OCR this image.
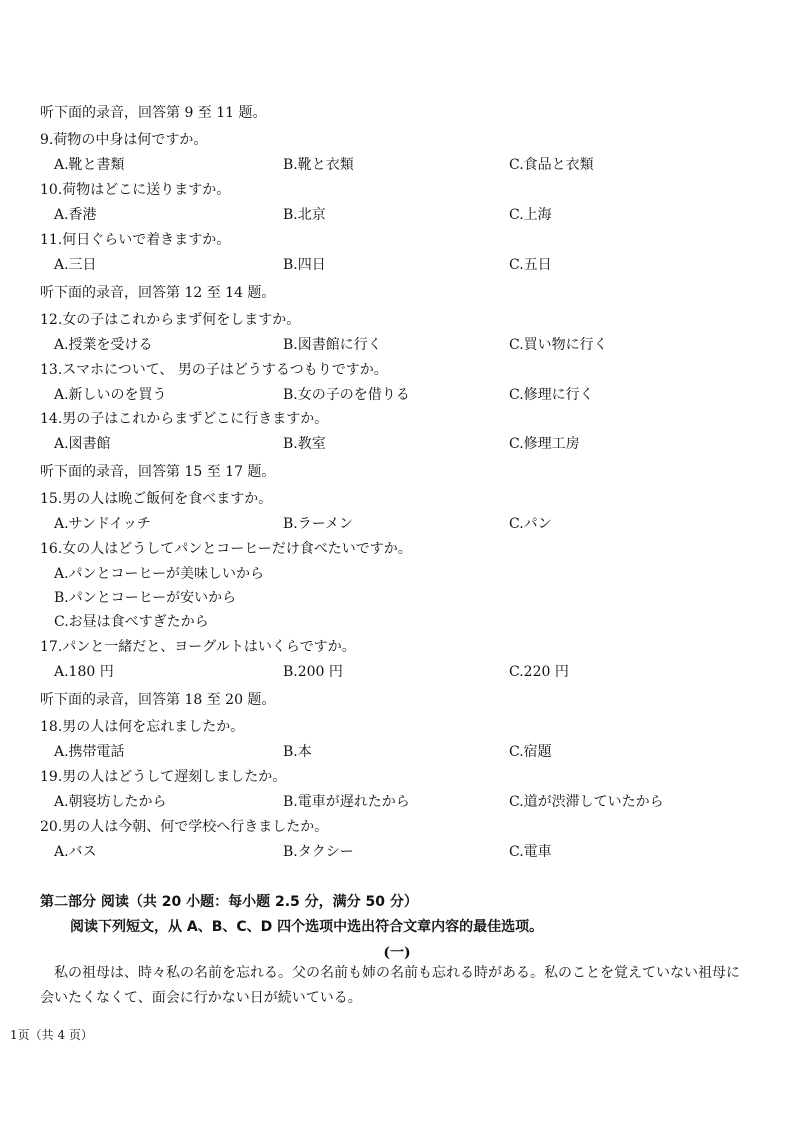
听下面的录音，回答第 9 至 11 题。
9.荷物の中身は何ですか。
A.靴と書類	B.靴と衣類	C.食品と衣類
10.荷物はどこに送りますか。
A.香港	B.北京	C.上海
11.何日ぐらいで着きますか。
A.三日	B.四日	C.五日
听下面的录音，回答第 12 至 14 题。
12.女の子はこれからまず何をしますか。
A.授業を受ける	B.図書館に行く	C.買い物に行く
13.スマホについて、 男の子はどうするつもりですか。
A.新しいのを買う	B.女の子のを借りる	C.修理に行く
14.男の子はこれからまずどこに行きますか。
A.図書館	B.教室	C.修理工房
听下面的录音，回答第 15 至 17 题。
15.男の人は晩ご飯何を食べますか。
A.サンドイッチ	B.ラーメン	C.パン
16.女の人はどうしてパンとコーヒーだけ食べたいですか。
A.パンとコーヒーが美味しいから
B.パンとコーヒーが安いから
C.お昼は食べすぎたから
17.パンと一緒だと、ヨーグルトはいくらですか。
A.180 円	B.200 円	C.220 円
听下面的录音，回答第 18 至 20 题。
18.男の人は何を忘れましたか。
A.携帯電話	B.本	C.宿題
19.男の人はどうして遅刻しましたか。
A.朝寝坊したから	B.電車が遅れたから	C.道が渋滞していたから
20.男の人は今朝、何で学校へ行きましたか。
A.バス	B.タクシー	C.電車
第二部分 阅读（共 20 小题：每小题 2.5 分，满分 50 分）
阅读下列短文，从 A、B、C、D 四个选项中选出符合文章内容的最佳选项。
(一)
私の祖母は、時々私の名前を忘れる。父の名前も姉の名前も忘れる時がある。私のことを覚えていない祖母に会いたくなくて、面会に行かない日が続いている。
1页（共 4 页）
